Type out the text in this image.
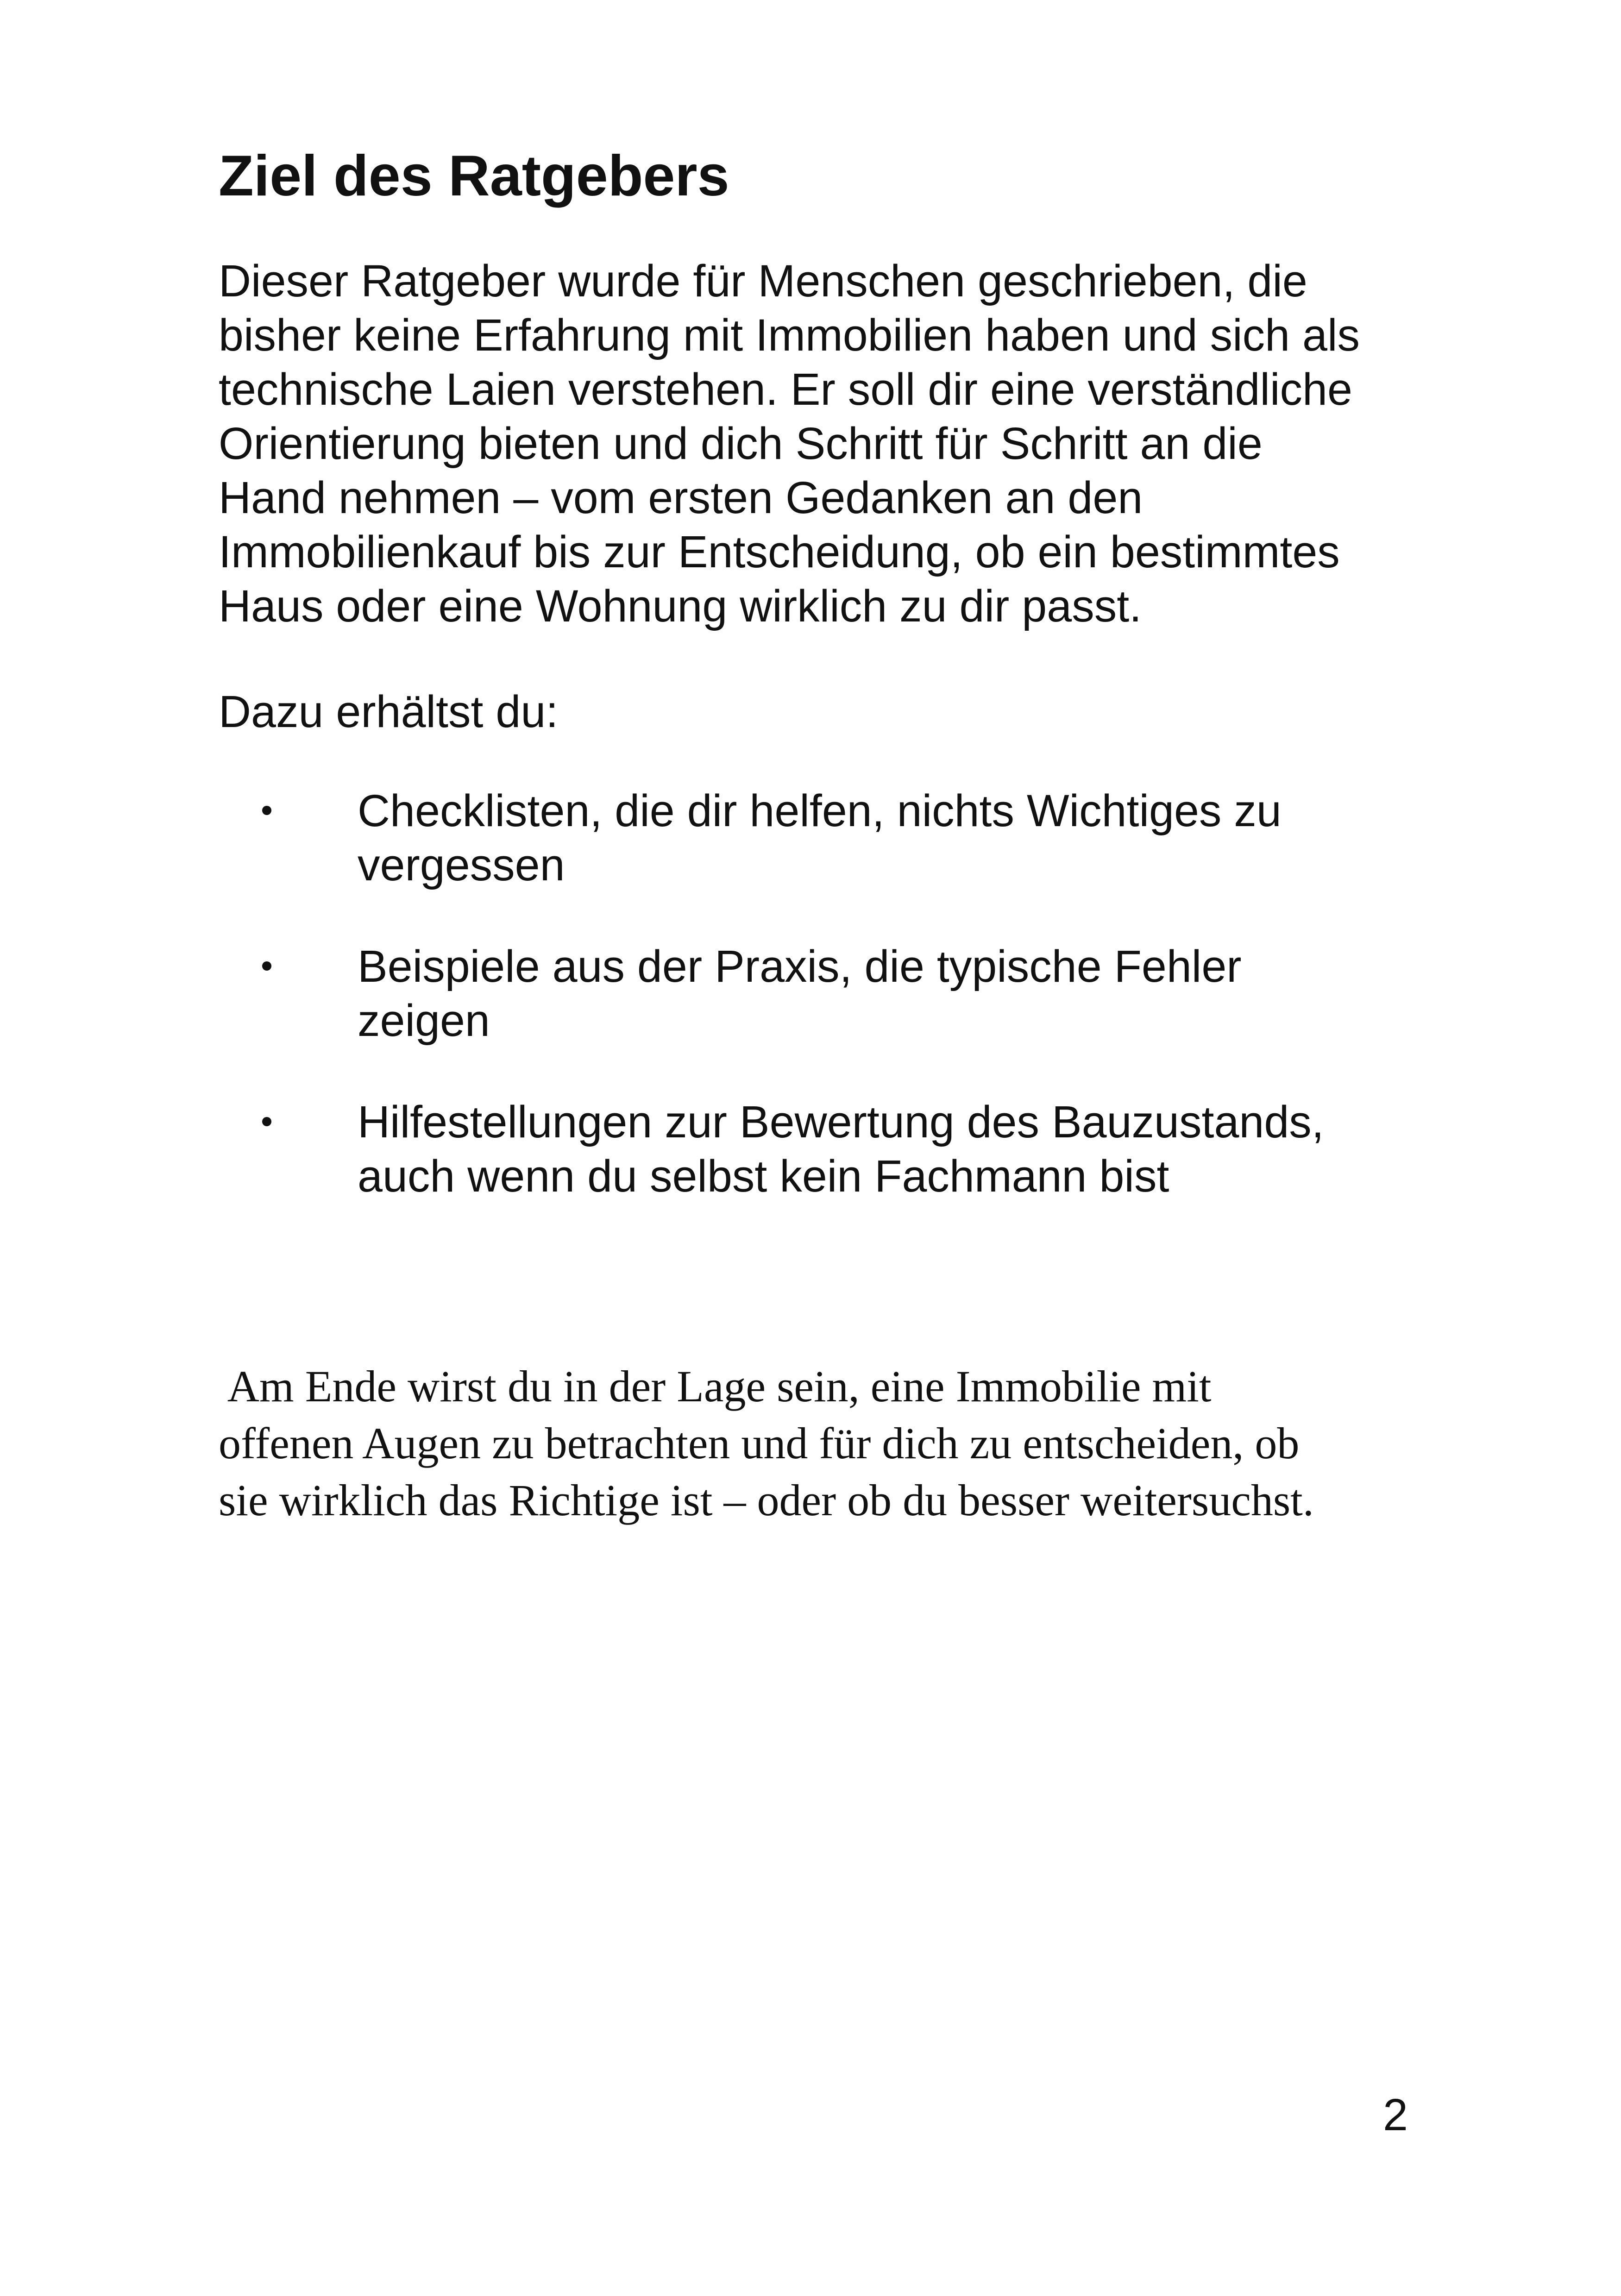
Ziel des Ratgebers

Dieser Ratgeber wurde für Menschen geschrieben, die
bisher keine Erfahrung mit Immobilien haben und sich als
technische Laien verstehen. Er soll dir eine verständliche
Orientierung bieten und dich Schritt für Schritt an die
Hand nehmen – vom ersten Gedanken an den
Immobilienkauf bis zur Entscheidung, ob ein bestimmtes
Haus oder eine Wohnung wirklich zu dir passt.

Dazu erhältst du:

Checklisten, die dir helfen, nichts Wichtiges zu
vergessen
Beispiele aus der Praxis, die typische Fehler
zeigen
Hilfestellungen zur Bewertung des Bauzustands,
auch wenn du selbst kein Fachmann bist

Am Ende wirst du in der Lage sein, eine Immobilie mit
offenen Augen zu betrachten und für dich zu entscheiden, ob
sie wirklich das Richtige ist – oder ob du besser weitersuchst.

2
